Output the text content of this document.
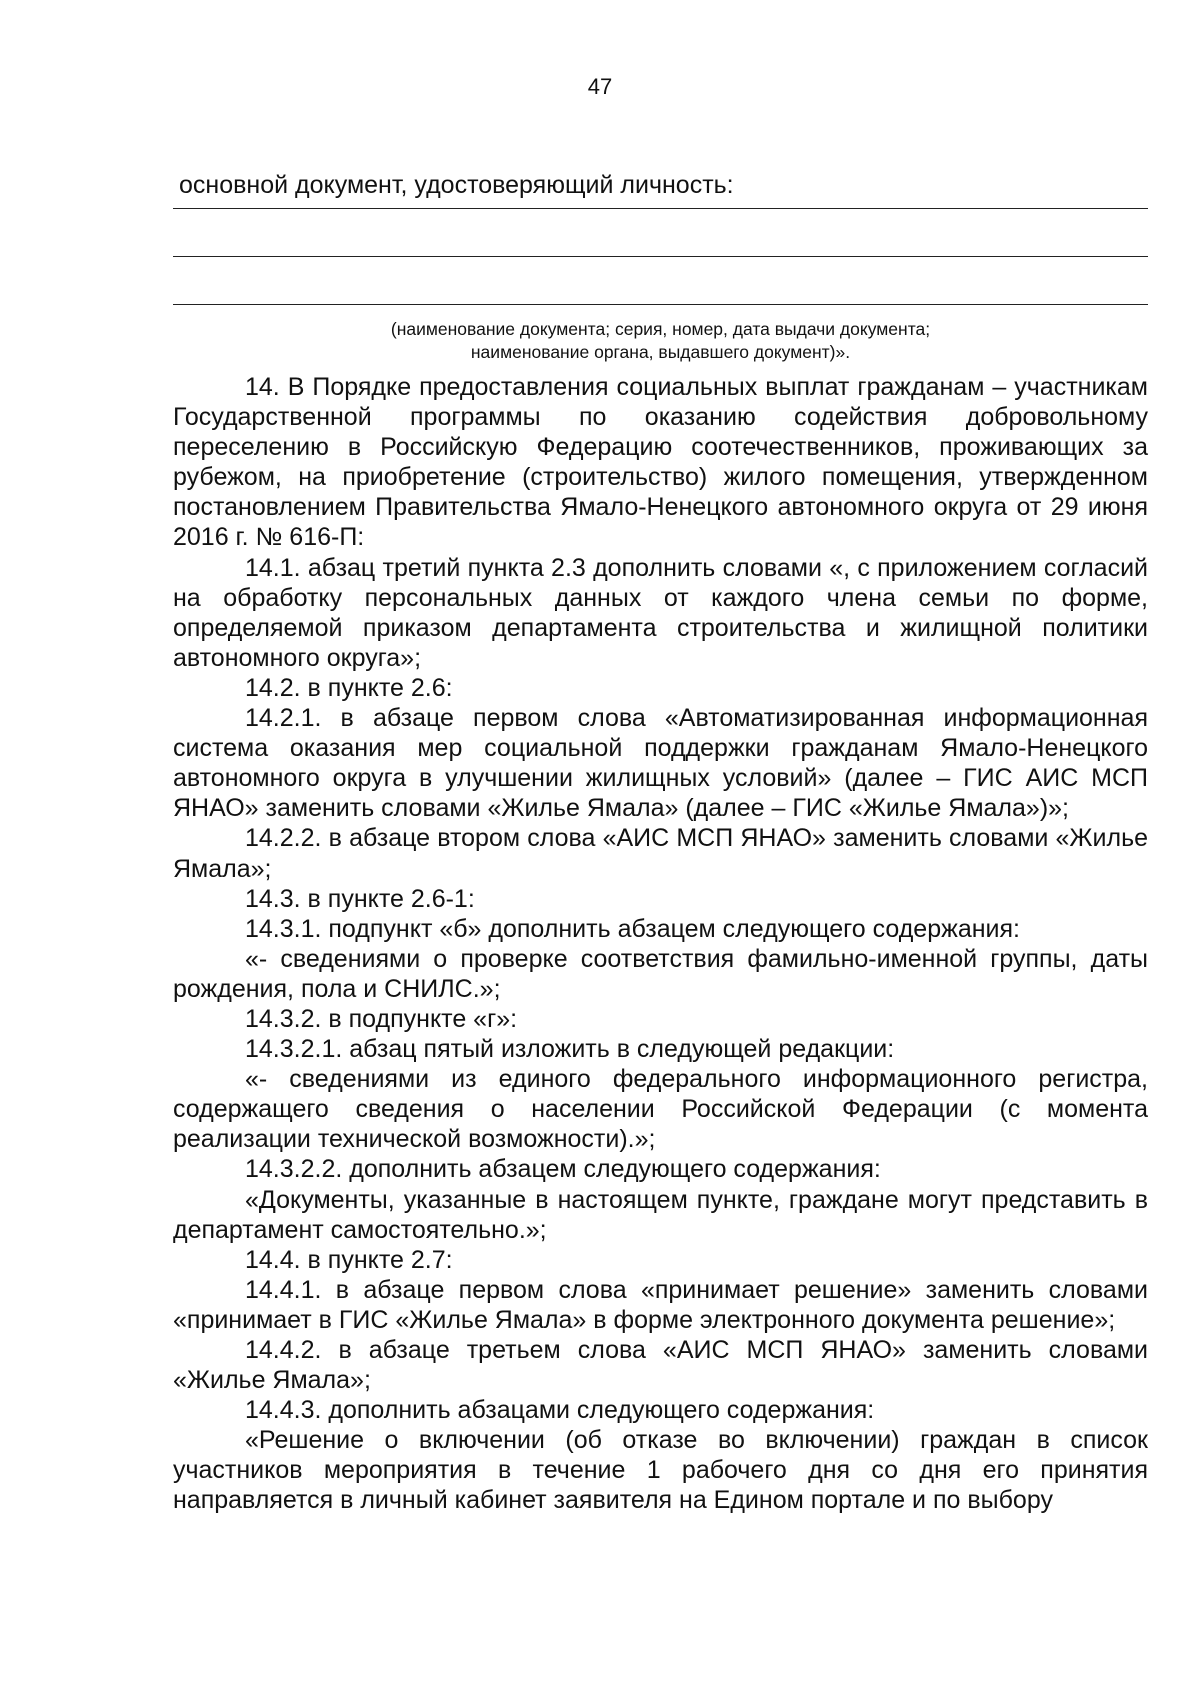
47
основной документ, удостоверяющий личность:
(наименование документа; серия, номер, дата выдачи документа;
наименование органа, выдавшего документ)».

14. В Порядке предоставления социальных выплат гражданам – участникам Государственной программы по оказанию содействия добровольному переселению в Российскую Федерацию соотечественников, проживающих за рубежом, на приобретение (строительство) жилого помещения, утвержденном постановлением Правительства Ямало-Ненецкого автономного округа от 29 июня 2016 г. № 616-П:

14.1. абзац третий пункта 2.3 дополнить словами «, с приложением согласий на обработку персональных данных от каждого члена семьи по форме, определяемой приказом департамента строительства и жилищной политики автономного округа»;

14.2. в пункте 2.6:

14.2.1. в абзаце первом слова «Автоматизированная информационная система оказания мер социальной поддержки гражданам Ямало-Ненецкого автономного округа в улучшении жилищных условий» (далее – ГИС АИС МСП ЯНАО» заменить словами «Жилье Ямала» (далее – ГИС «Жилье Ямала»)»;

14.2.2. в абзаце втором слова «АИС МСП ЯНАО» заменить словами «Жилье Ямала»;

14.3. в пункте 2.6-1:

14.3.1. подпункт «б» дополнить абзацем следующего содержания:

«- сведениями о проверке соответствия фамильно-именной группы, даты рождения, пола и СНИЛС.»;

14.3.2. в подпункте «г»:

14.3.2.1. абзац пятый изложить в следующей редакции:

«- сведениями из единого федерального информационного регистра, содержащего сведения о населении Российской Федерации (с момента реализации технической возможности).»;

14.3.2.2. дополнить абзацем следующего содержания:

«Документы, указанные в настоящем пункте, граждане могут представить в департамент самостоятельно.»;

14.4. в пункте 2.7:

14.4.1. в абзаце первом слова «принимает решение» заменить словами «принимает в ГИС «Жилье Ямала» в форме электронного документа решение»;

14.4.2. в абзаце третьем слова «АИС МСП ЯНАО» заменить словами «Жилье Ямала»;

14.4.3. дополнить абзацами следующего содержания:

«Решение о включении (об отказе во включении) граждан в список участников мероприятия в течение 1 рабочего дня со дня его принятия направляется в личный кабинет заявителя на Едином портале и по выбору
